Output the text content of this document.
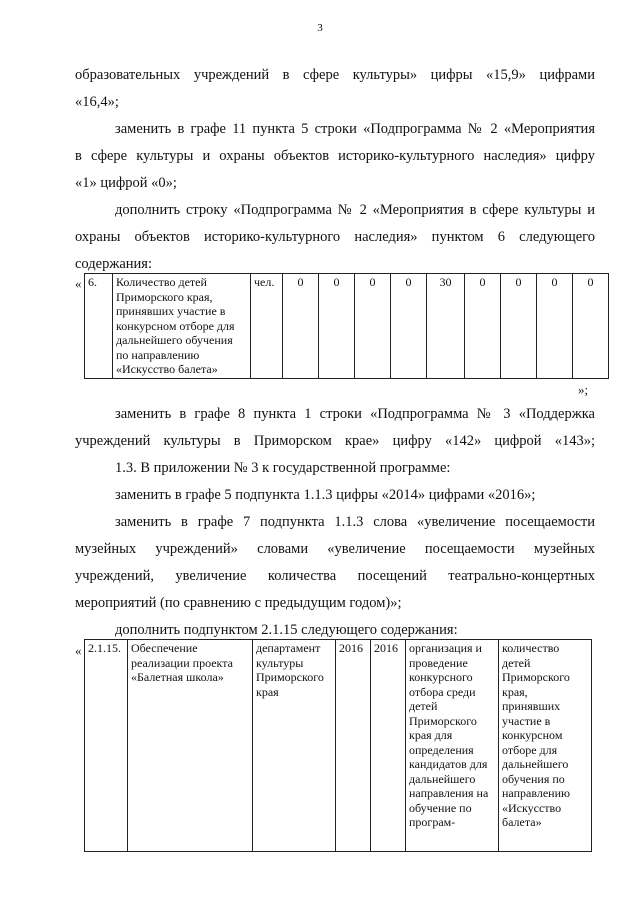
3
образовательных учреждений в сфере культуры» цифры «15,9» цифрами
«16,4»;
заменить в графе 11 пункта 5 строки «Подпрограмма № 2 «Мероприятия
в сфере культуры и охраны объектов историко-культурного наследия» цифру
«1» цифрой «0»;
дополнить строку «Подпрограмма № 2 «Мероприятия в сфере культуры и
охраны объектов историко-культурного наследия» пунктом 6 следующего
содержания:
« 6.	Количество детей Приморского края, принявших участие в конкурсном отборе для дальнейшего обучения по направлению «Искусство балета»	чел.	0	0	0	0	30	0	0	0	0
»;
заменить в графе 8 пункта 1 строки «Подпрограмма № 3 «Поддержка
учреждений культуры в Приморском крае» цифру «142» цифрой «143»;
1.3. В приложении № 3 к государственной программе:
заменить в графе 5 подпункта 1.1.3 цифры «2014» цифрами «2016»;
заменить в графе 7 подпункта 1.1.3 слова «увеличение посещаемости
музейных учреждений» словами «увеличение посещаемости музейных
учреждений, увеличение количества посещений театрально-концертных
мероприятий (по сравнению с предыдущим годом)»;
дополнить подпунктом 2.1.15 следующего содержания:
« 2.1.15.	Обеспечение реализации проекта «Балетная школа»	департамент культуры Приморского края	2016	2016	организация и проведение конкурсного отбора среди детей Приморского края для определения кандидатов для дальнейшего направления на обучение по програм-	количество детей Приморского края, принявших участие в конкурсном отборе для дальнейшего обучения по направлению «Искусство балета»
